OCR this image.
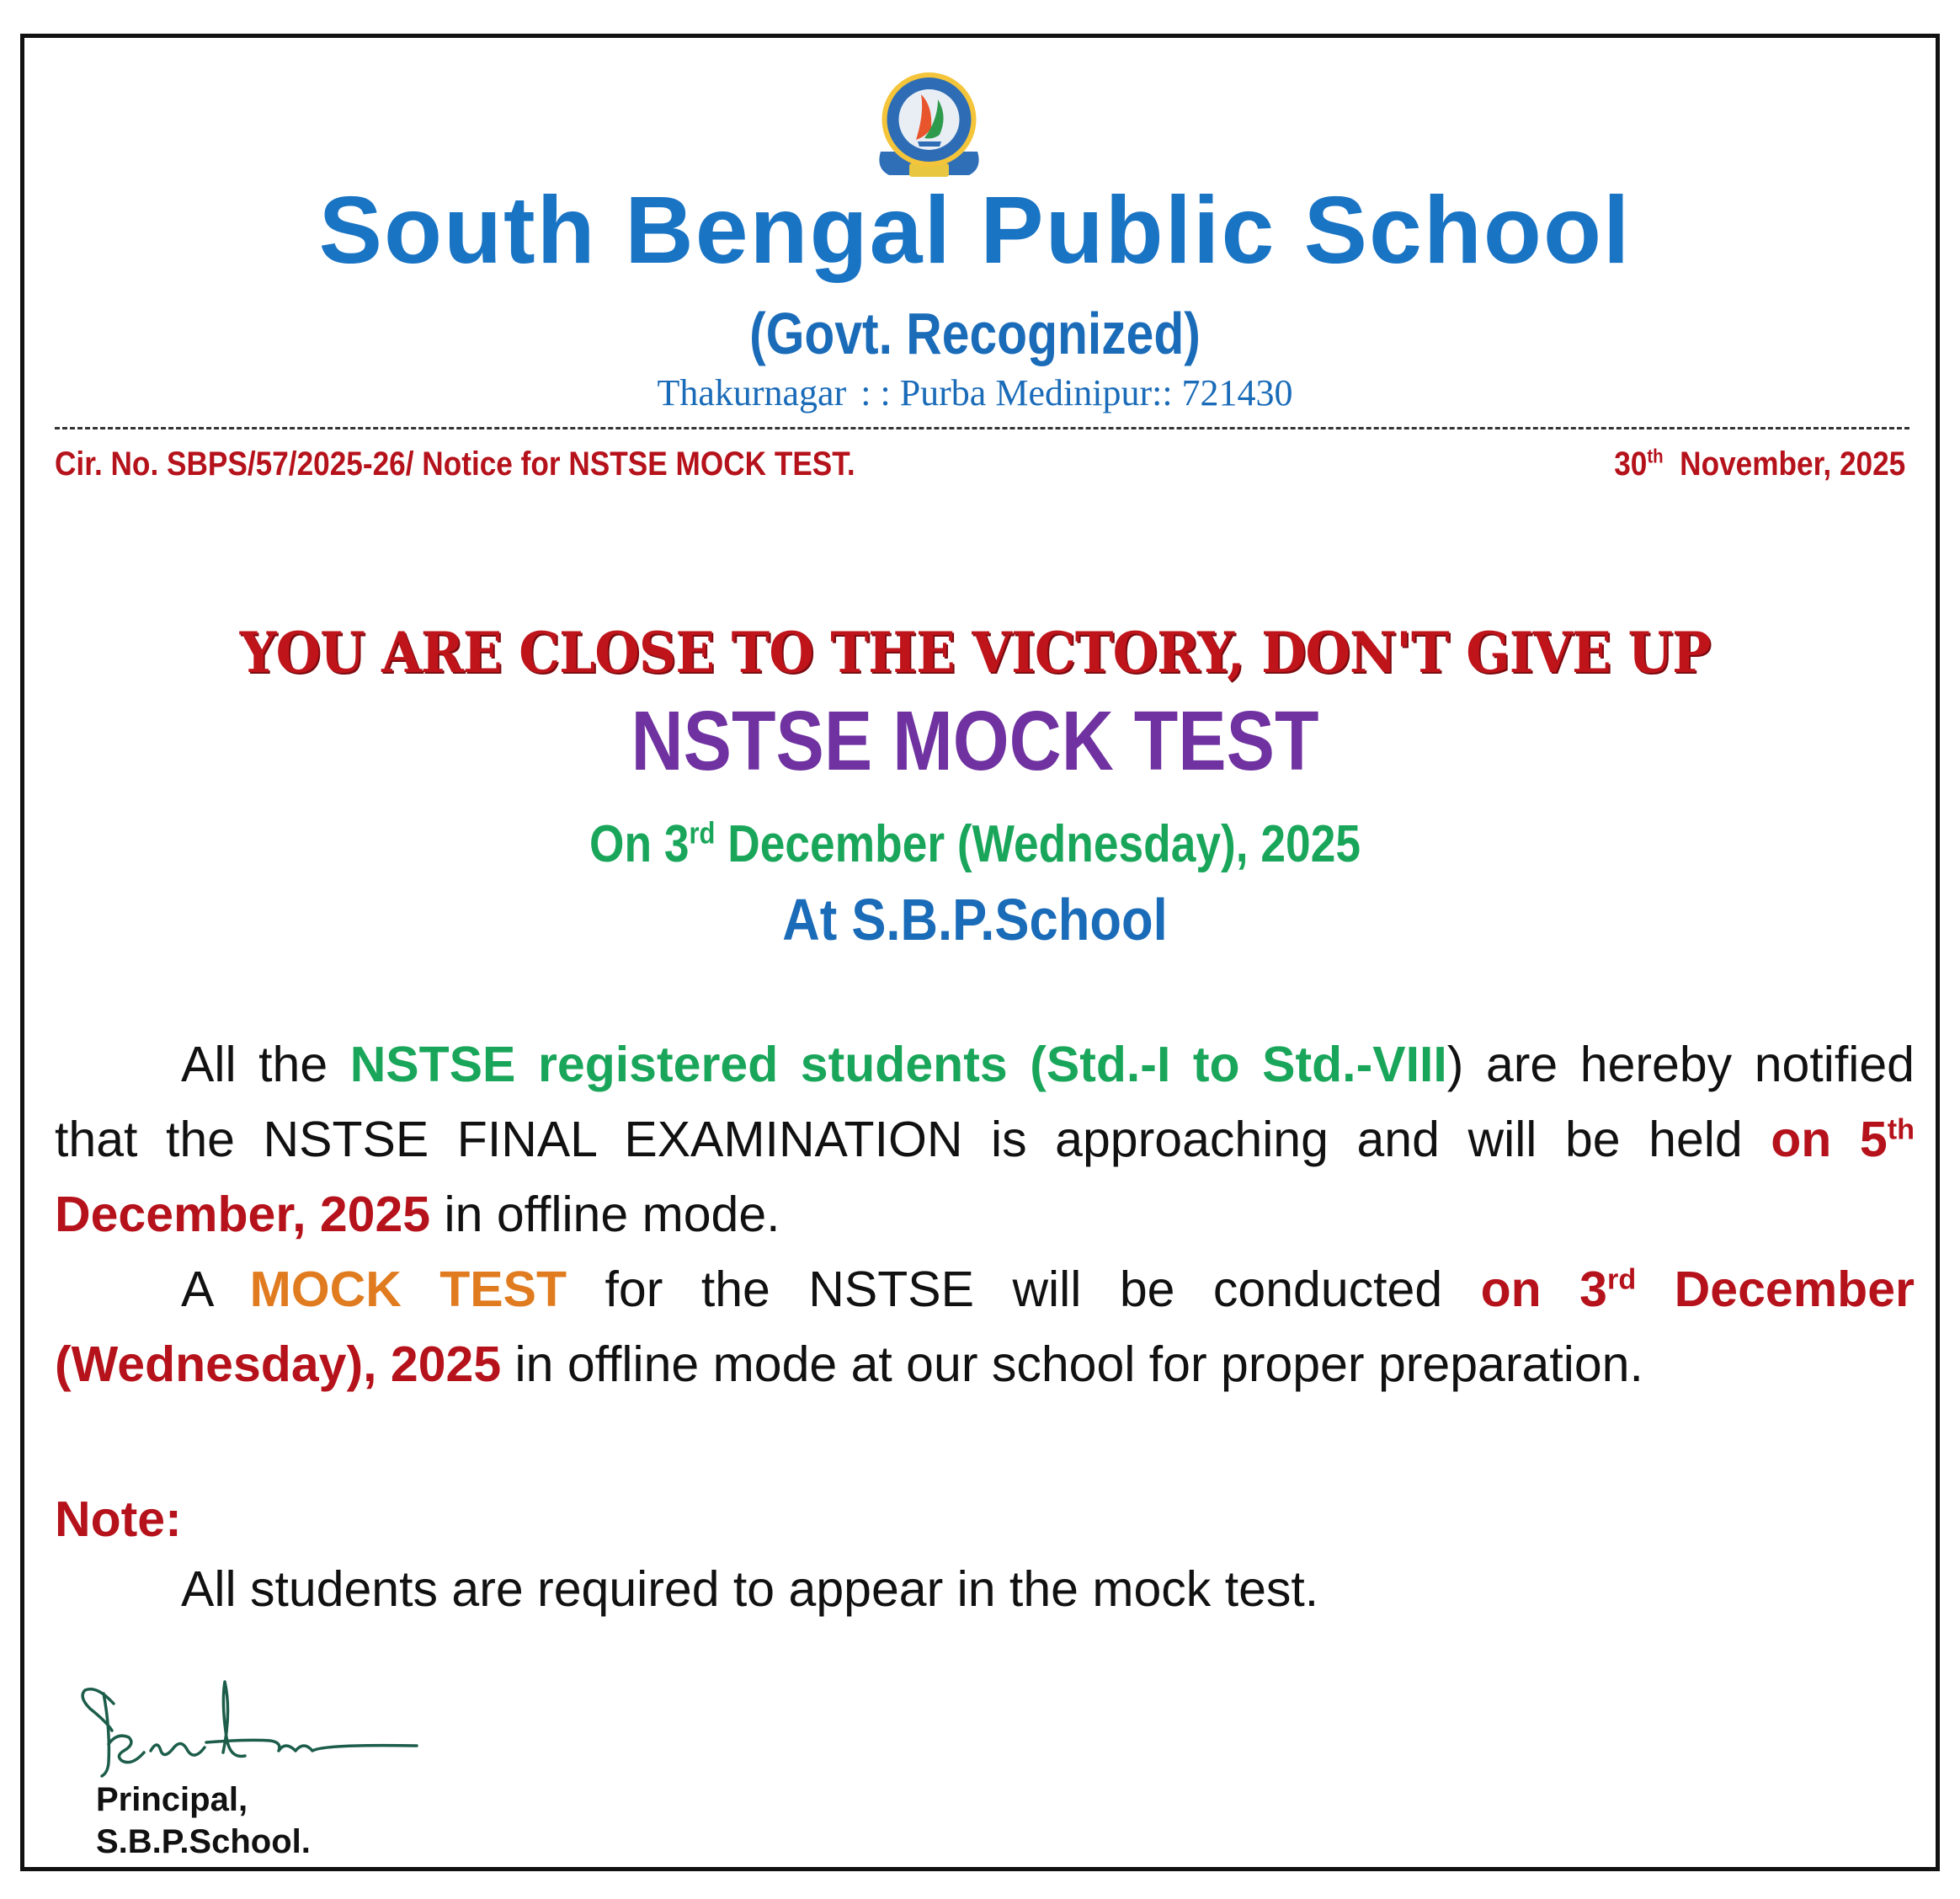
South Bengal Public School
(Govt. Recognized)
Thakurnagar : : Purba Medinipur:: 721430
Cir. No. SBPS/57/2025-26/ Notice for NSTSE MOCK TEST.	30th November, 2025
YOU ARE CLOSE TO THE VICTORY, DON'T GIVE UP
NSTSE MOCK TEST
On 3rd December (Wednesday), 2025
At S.B.P.School

All the NSTSE registered students (Std.-I to Std.-VIII) are hereby notified that the NSTSE FINAL EXAMINATION is approaching and will be held on 5th December, 2025 in offline mode.

A MOCK TEST for the NSTSE will be conducted on 3rd December (Wednesday), 2025 in offline mode at our school for proper preparation.

Note:
All students are required to appear in the mock test.
Principal,
S.B.P.School.
